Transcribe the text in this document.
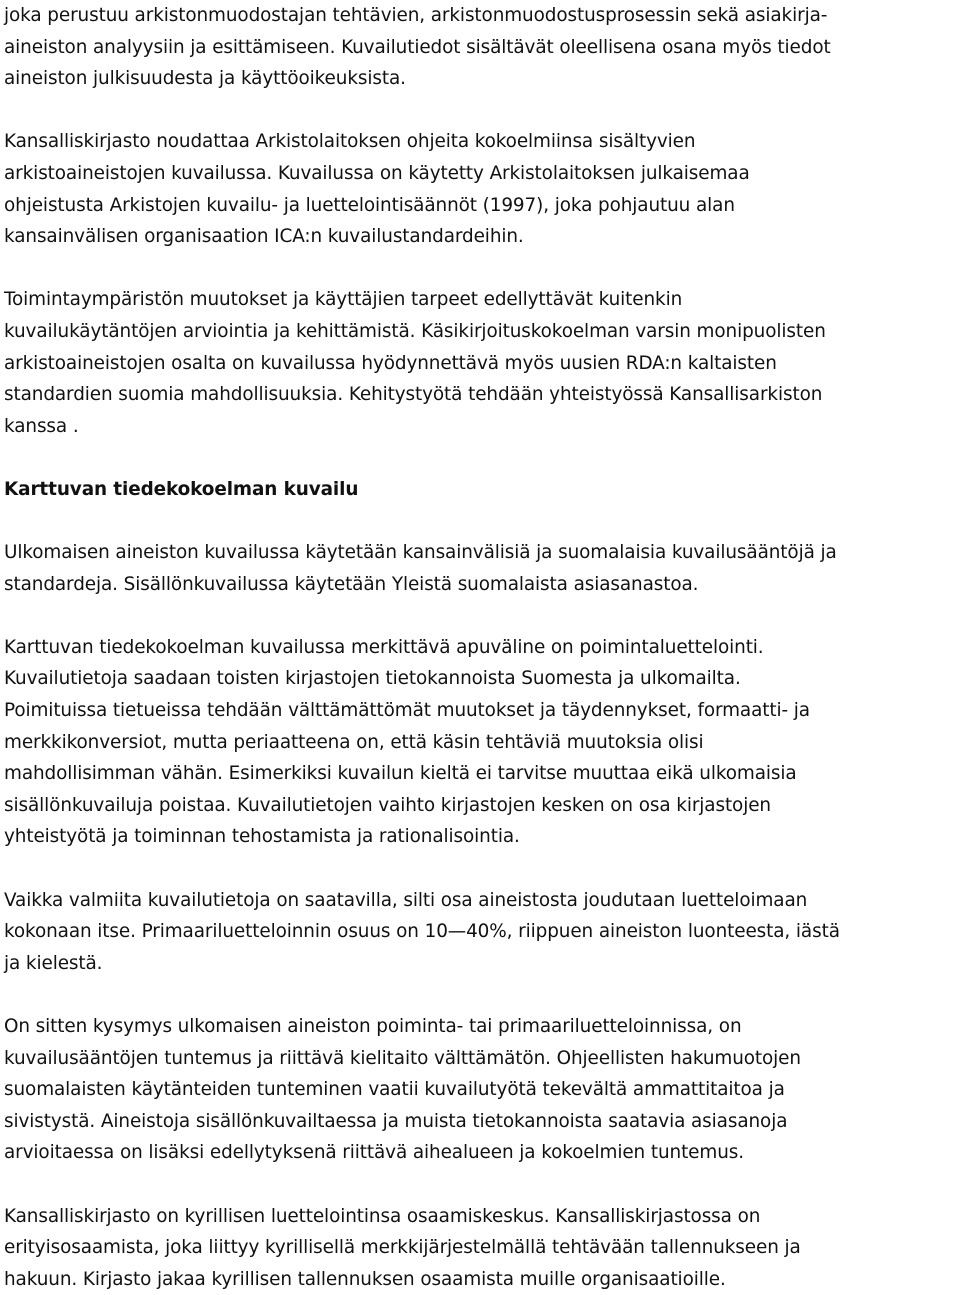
joka perustuu arkistonmuodostajan tehtävien, arkistonmuodostusprosessin sekä asiakirja-
aineiston analyysiin ja esittämiseen. Kuvailutiedot sisältävät oleellisena osana myös tiedot
aineiston julkisuudesta ja käyttöoikeuksista.

Kansalliskirjasto noudattaa Arkistolaitoksen ohjeita kokoelmiinsa sisältyvien
arkistoaineistojen kuvailussa. Kuvailussa on käytetty Arkistolaitoksen julkaisemaa
ohjeistusta Arkistojen kuvailu- ja luettelointisäännöt (1997), joka pohjautuu alan
kansainvälisen organisaation ICA:n kuvailustandardeihin.

Toimintaympäristön muutokset ja käyttäjien tarpeet edellyttävät kuitenkin
kuvailukäytäntöjen arviointia ja kehittämistä. Käsikirjoituskokoelman varsin monipuolisten
arkistoaineistojen osalta on kuvailussa hyödynnettävä myös uusien RDA:n kaltaisten
standardien suomia mahdollisuuksia. Kehitystyötä tehdään yhteistyössä Kansallisarkiston
kanssa .

Karttuvan tiedekokoelman kuvailu

Ulkomaisen aineiston kuvailussa käytetään kansainvälisiä ja suomalaisia kuvailusääntöjä ja
standardeja. Sisällönkuvailussa käytetään Yleistä suomalaista asiasanastoa.

Karttuvan tiedekokoelman kuvailussa merkittävä apuväline on poimintaluettelointi.
Kuvailutietoja saadaan toisten kirjastojen tietokannoista Suomesta ja ulkomailta.
Poimituissa tietueissa tehdään välttämättömät muutokset ja täydennykset, formaatti- ja
merkkikonversiot, mutta periaatteena on, että käsin tehtäviä muutoksia olisi
mahdollisimman vähän. Esimerkiksi kuvailun kieltä ei tarvitse muuttaa eikä ulkomaisia
sisällönkuvailuja poistaa. Kuvailutietojen vaihto kirjastojen kesken on osa kirjastojen
yhteistyötä ja toiminnan tehostamista ja rationalisointia.

Vaikka valmiita kuvailutietoja on saatavilla, silti osa aineistosta joudutaan luetteloimaan
kokonaan itse. Primaariluetteloinnin osuus on 10—40%, riippuen aineiston luonteesta, iästä
ja kielestä.

On sitten kysymys ulkomaisen aineiston poiminta- tai primaariluetteloinnissa, on
kuvailusääntöjen tuntemus ja riittävä kielitaito välttämätön. Ohjeellisten hakumuotojen
suomalaisten käytänteiden tunteminen vaatii kuvailutyötä tekevältä ammattitaitoa ja
sivistystä. Aineistoja sisällönkuvailtaessa ja muista tietokannoista saatavia asiasanoja
arvioitaessa on lisäksi edellytyksenä riittävä aihealueen ja kokoelmien tuntemus.

Kansalliskirjasto on kyrillisen luettelointinsa osaamiskeskus. Kansalliskirjastossa on
erityisosaamista, joka liittyy kyrillisellä merkkijärjestelmällä tehtävään tallennukseen ja
hakuun. Kirjasto jakaa kyrillisen tallennuksen osaamista muille organisaatioille.
